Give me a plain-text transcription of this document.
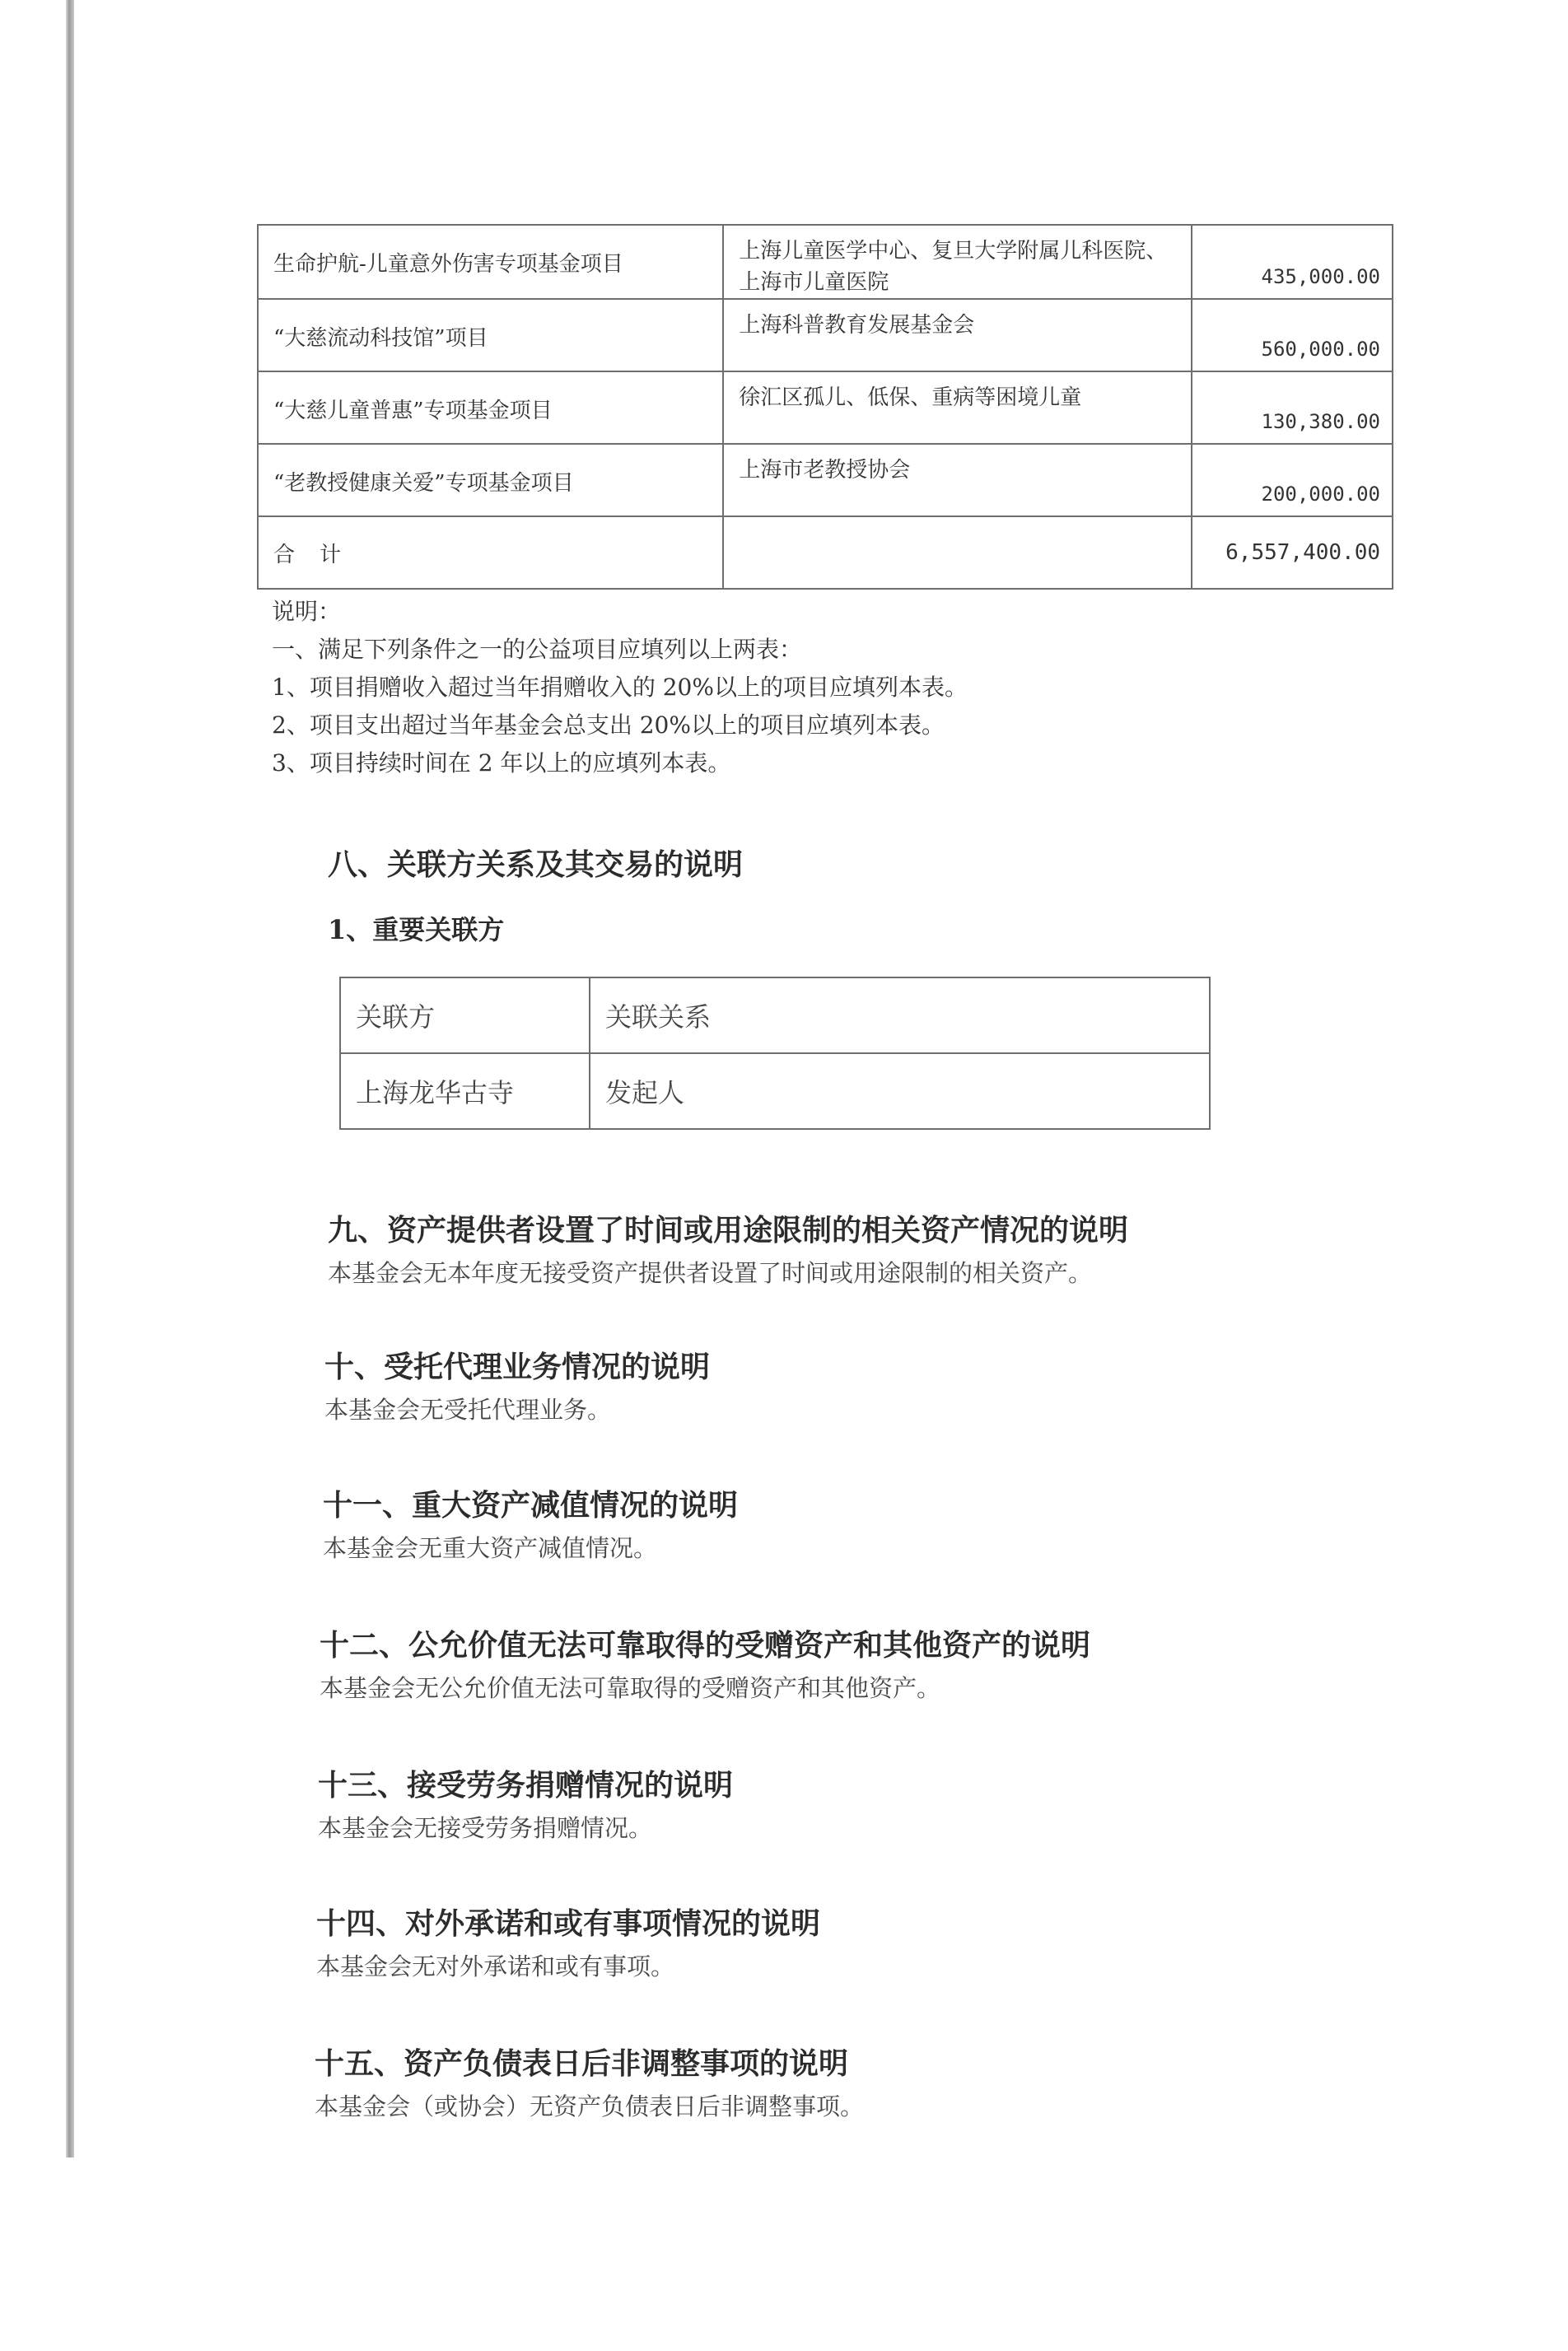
生命护航-儿童意外伤害专项基金项目	上海儿童医学中心、复旦大学附属儿科医院、上海市儿童医院	435,000.00
“大慈流动科技馆”项目	上海科普教育发展基金会	560,000.00
“大慈儿童普惠”专项基金项目	徐汇区孤儿、低保、重病等困境儿童	130,380.00
“老教授健康关爱”专项基金项目	上海市老教授协会	200,000.00
合计		6,557,400.00
说明：
一、满足下列条件之一的公益项目应填列以上两表：
1、项目捐赠收入超过当年捐赠收入的 20%以上的项目应填列本表。
2、项目支出超过当年基金会总支出 20%以上的项目应填列本表。
3、项目持续时间在 2 年以上的应填列本表。
八、关联方关系及其交易的说明
1、重要关联方
关联方	关联关系
上海龙华古寺	发起人
九、资产提供者设置了时间或用途限制的相关资产情况的说明
本基金会无本年度无接受资产提供者设置了时间或用途限制的相关资产。
十、受托代理业务情况的说明
本基金会无受托代理业务。
十一、重大资产减值情况的说明
本基金会无重大资产减值情况。
十二、公允价值无法可靠取得的受赠资产和其他资产的说明
本基金会无公允价值无法可靠取得的受赠资产和其他资产。
十三、接受劳务捐赠情况的说明
本基金会无接受劳务捐赠情况。
十四、对外承诺和或有事项情况的说明
本基金会无对外承诺和或有事项。
十五、资产负债表日后非调整事项的说明
本基金会（或协会）无资产负债表日后非调整事项。
